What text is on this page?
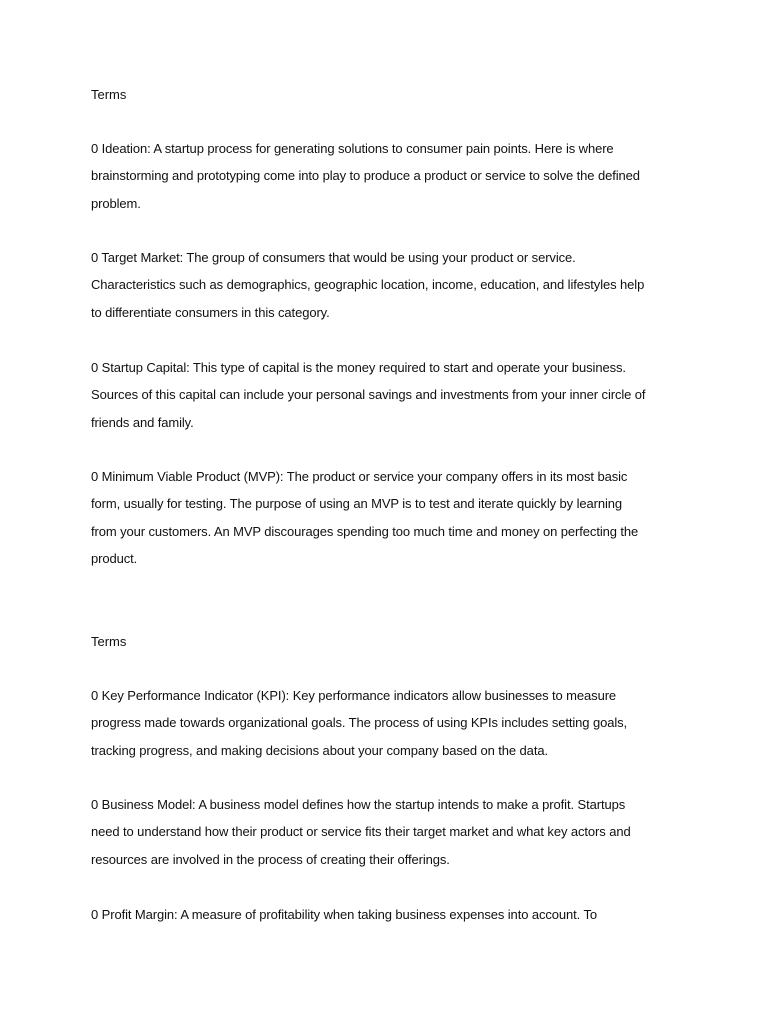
Terms

0 Ideation: A startup process for generating solutions to consumer pain points. Here is where brainstorming and prototyping come into play to produce a product or service to solve the defined problem.

0 Target Market: The group of consumers that would be using your product or service. Characteristics such as demographics, geographic location, income, education, and lifestyles help to differentiate consumers in this category.

0 Startup Capital: This type of capital is the money required to start and operate your business. Sources of this capital can include your personal savings and investments from your inner circle of friends and family.

0 Minimum Viable Product (MVP): The product or service your company offers in its most basic form, usually for testing. The purpose of using an MVP is to test and iterate quickly by learning from your customers. An MVP discourages spending too much time and money on perfecting the product.

Terms

0 Key Performance Indicator (KPI): Key performance indicators allow businesses to measure progress made towards organizational goals. The process of using KPIs includes setting goals, tracking progress, and making decisions about your company based on the data.

0 Business Model: A business model defines how the startup intends to make a profit. Startups need to understand how their product or service fits their target market and what key actors and resources are involved in the process of creating their offerings.

0 Profit Margin: A measure of profitability when taking business expenses into account. To
